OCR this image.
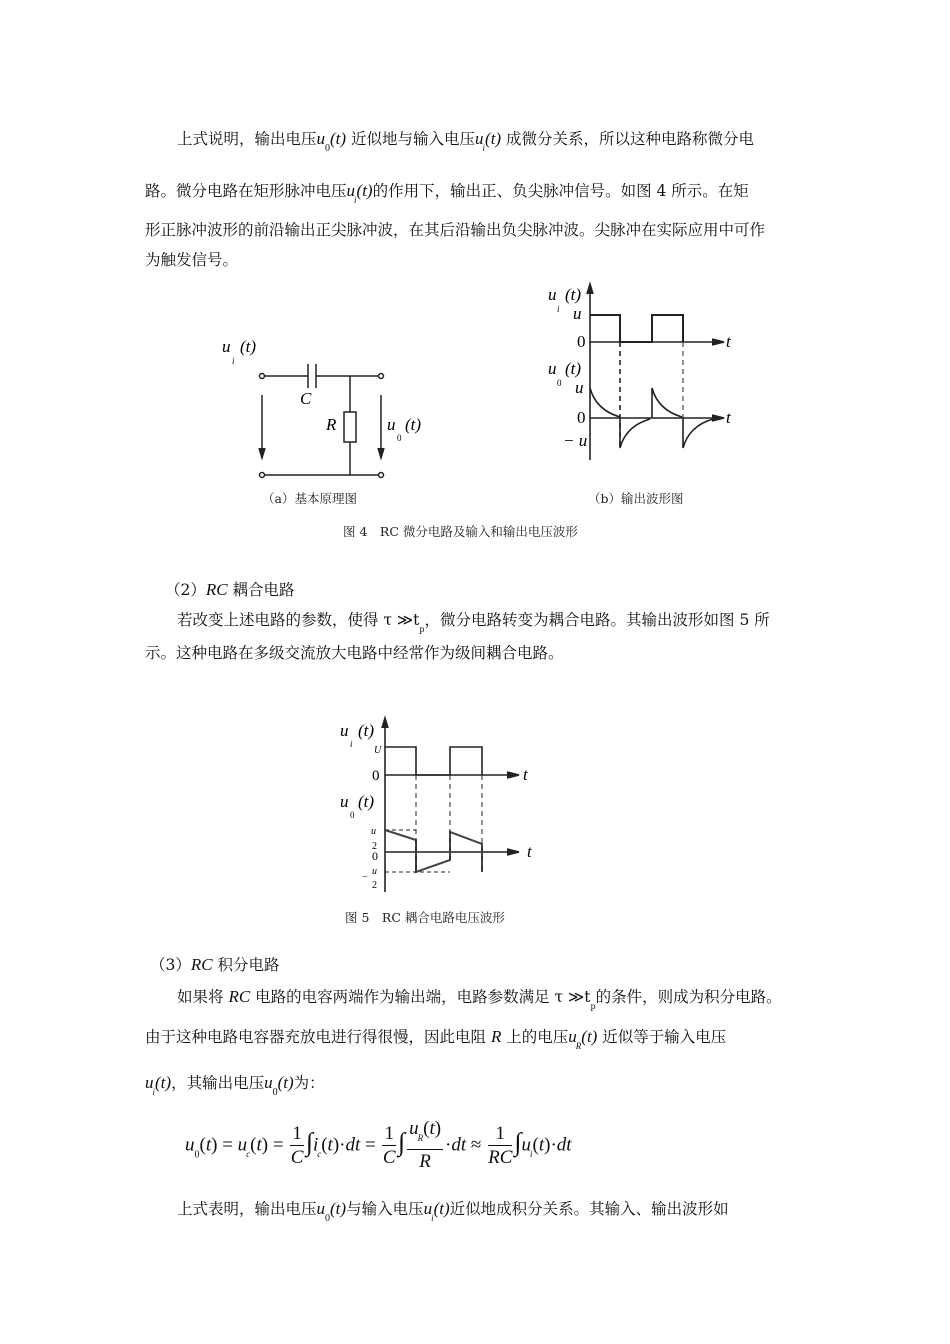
上式说明，输出电压$u_0(t)$ 近似地与输入电压$u_i(t)$ 成微分关系，所以这种电路称微分电

路。微分电路在矩形脉冲电压$u_i(t)$的作用下，输出正、负尖脉冲信号。如图 4 所示。在矩

形正脉冲波形的前沿输出正尖脉冲波，在其后沿输出负尖脉冲波。尖脉冲在实际应用中可作

为触发信号。

u
i
(t)
C
R	u
0
(t)
u
i
(t)
u
0	t
u
0
(t)
u
0	t
− u
（a）基本原理图	（b）输出波形图
图 4　RC 微分电路及输入和输出电压波形
（2）RC 耦合电路

若改变上述电路的参数，使得 τ $≫t_p$，微分电路转变为耦合电路。其输出波形如图 5 所

示。这种电路在多级交流放大电路中经常作为级间耦合电路。

u
i
(t)
U
0	t
u
0
(t)
u
2
0
−
u
2
t
图 5　RC 耦合电路电压波形
（3）RC 积分电路

如果将 RC 电路的电容两端作为输出端，电路参数满足 τ $≫t_p$的条件，则成为积分电路。

由于这种电路电容器充放电进行得很慢，因此电阻 R 上的电压$u_R(t)$ 近似等于输入电压

$u_i(t)$，其输出电压$u_0(t)$为：

$u_0(t) = u_c(t) = \frac{1}{C} \int i_c(t)\cdot dt = \frac{1}{C}$ ∫ $\frac{u_R(t)}{R} \cdot dt \approx \frac{1}{RC} \int u_i(t)\cdot dt$

上式表明，输出电压$u_0(t)$与输入电压$u_i(t)$近似地成积分关系。其输入、输出波形如
